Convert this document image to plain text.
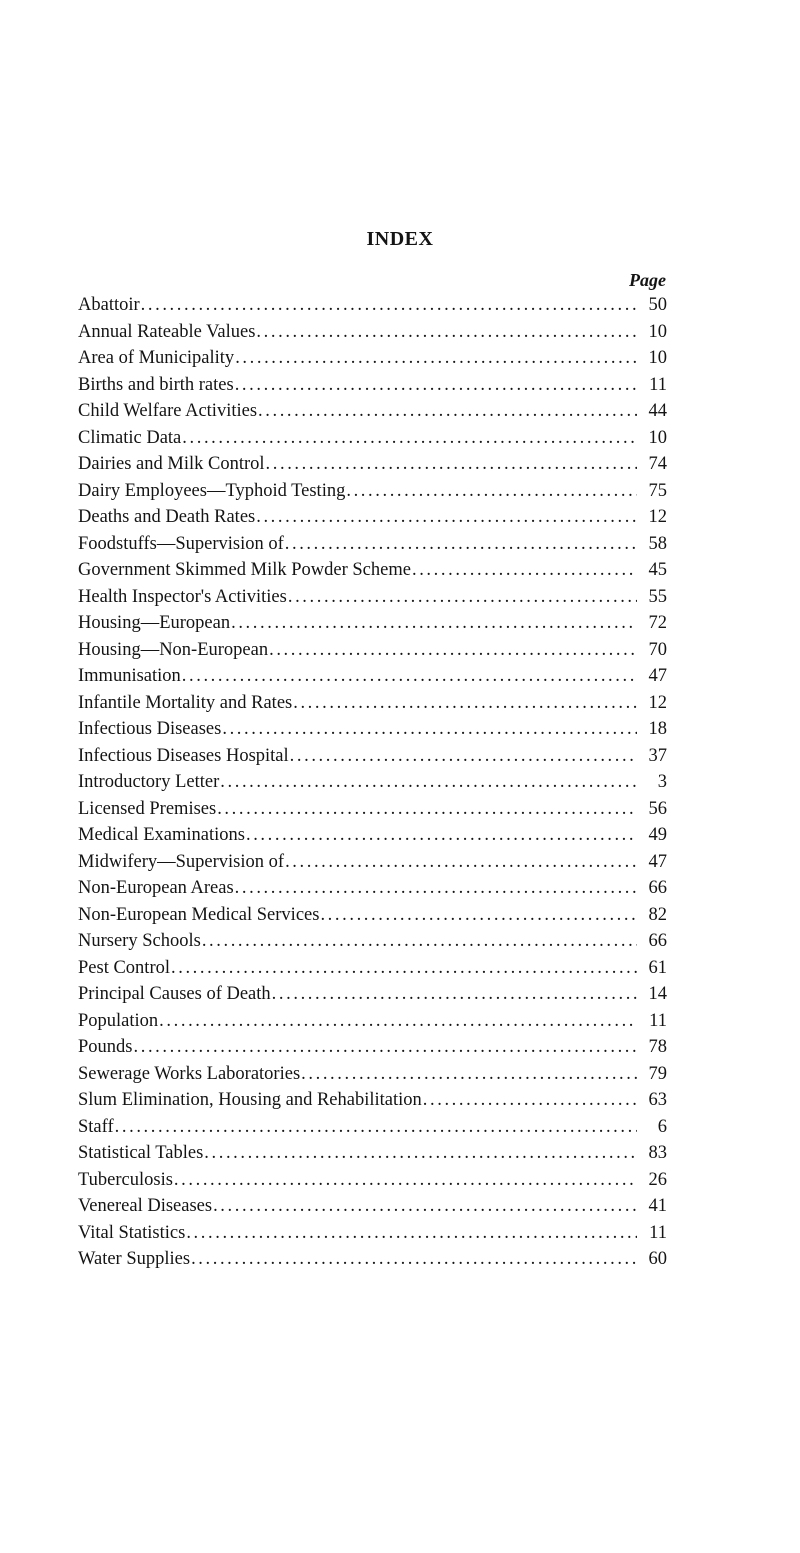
INDEX
Page
Abattoir .....	50
Annual Rateable Values .....	10
Area of Municipality .....	10
Births and birth rates .....	11
Child Welfare Activities .....	44
Climatic Data .....	10
Dairies and Milk Control .....	74
Dairy Employees—Typhoid Testing .....	75
Deaths and Death Rates .....	12
Foodstuffs—Supervision of .....	58
Government Skimmed Milk Powder Scheme .....	45
Health Inspector's Activities .....	55
Housing—European .....	72
Housing—Non-European .....	70
Immunisation .....	47
Infantile Mortality and Rates .....	12
Infectious Diseases .....	18
Infectious Diseases Hospital .....	37
Introductory Letter .....	3
Licensed Premises .....	56
Medical Examinations .....	49
Midwifery—Supervision of .....	47
Non-European Areas .....	66
Non-European Medical Services .....	82
Nursery Schools .....	66
Pest Control .....	61
Principal Causes of Death .....	14
Population .....	11
Pounds .....	78
Sewerage Works Laboratories .....	79
Slum Elimination, Housing and Rehabilitation .....	63
Staff .....	6
Statistical Tables .....	83
Tuberculosis .....	26
Venereal Diseases .....	41
Vital Statistics .....	11
Water Supplies .....	60
